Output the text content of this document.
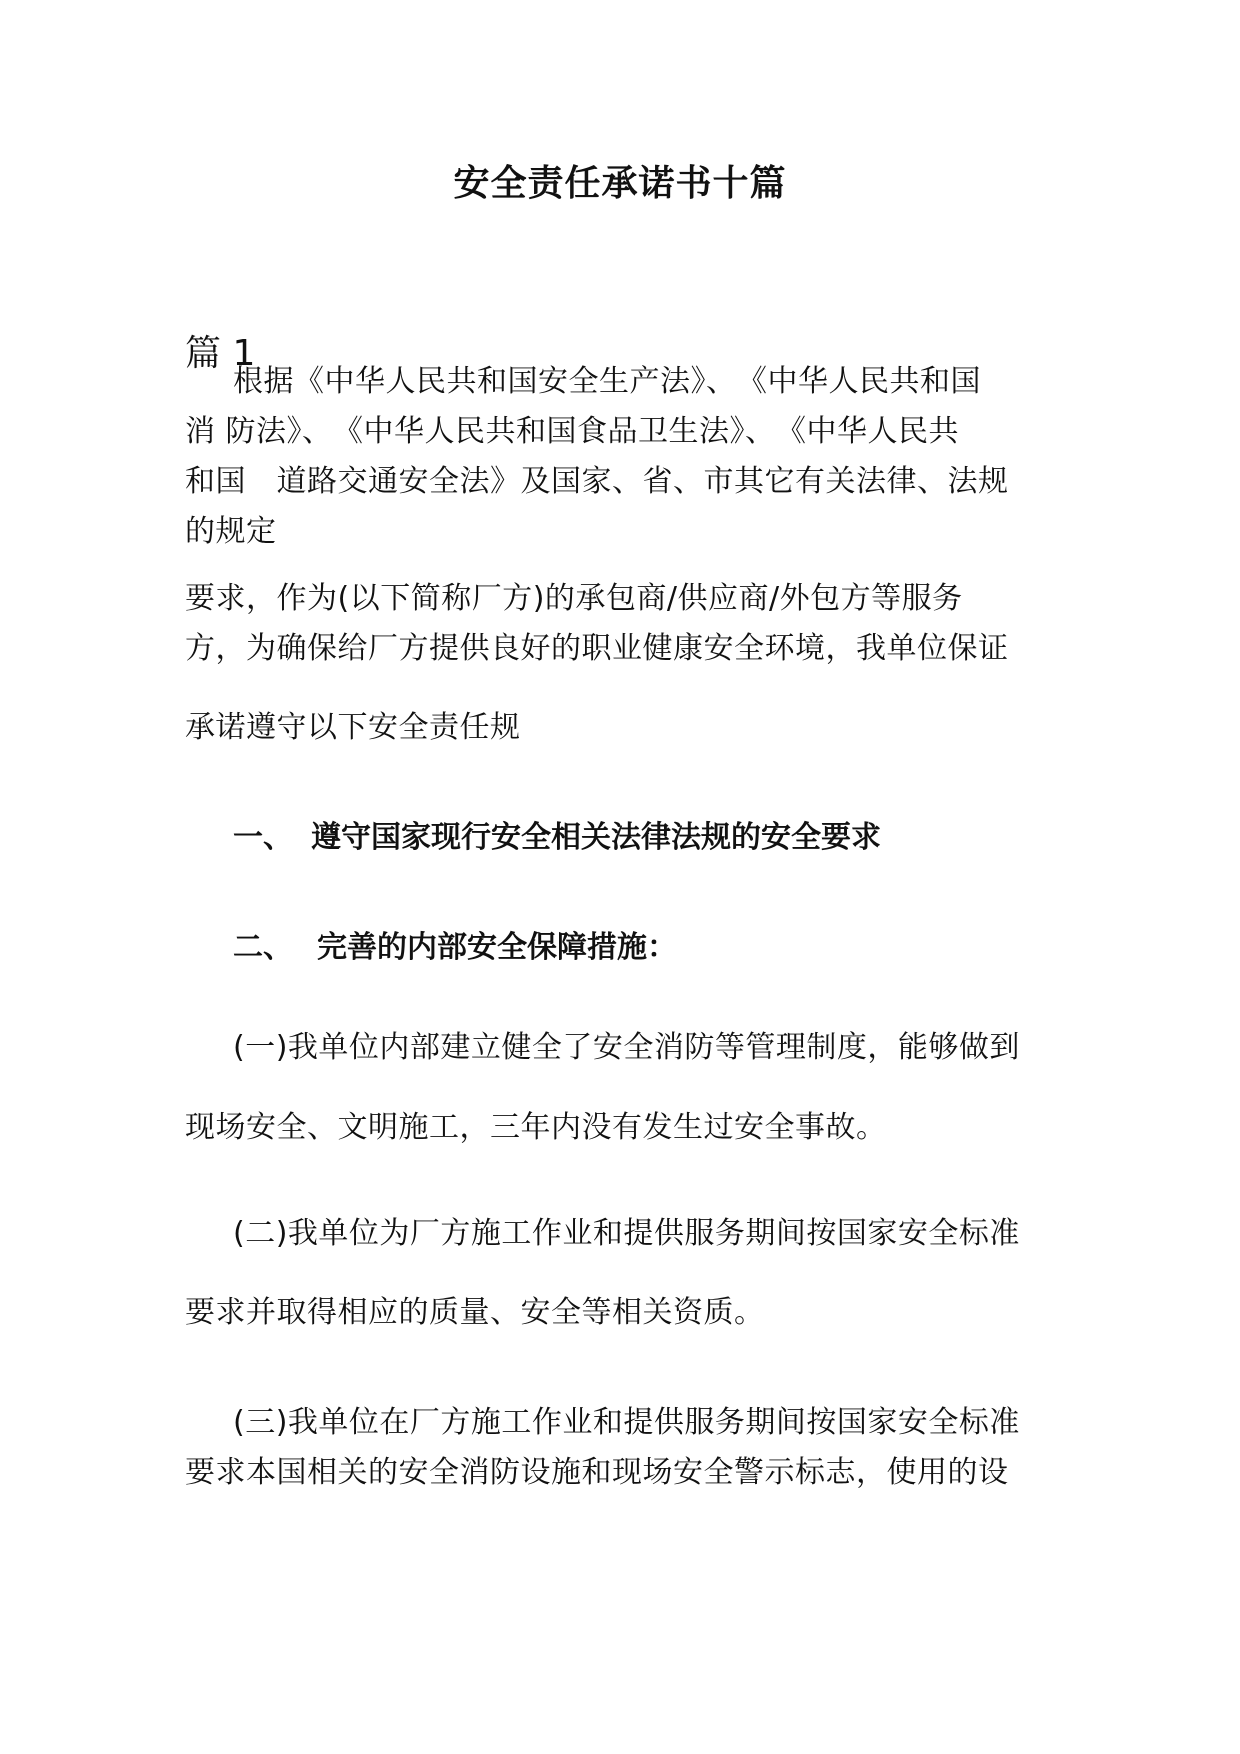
安全责任承诺书十篇
篇 1
根据《中华人民共和国安全生产法》、　《中华人民共和国
消 防法》、　《中华人民共和国食品卫生法》、　《中华人民共
和国　道路交通安全法》及国家、省、市其它有关法律、法规
的规定
要求，作为(以下简称厂方)的承包商/供应商/外包方等服务
方，为确保给厂方提供良好的职业健康安全环境，我单位保证
承诺遵守以下安全责任规
一、 遵守国家现行安全相关法律法规的安全要求
二、 完善的内部安全保障措施：
(一)我单位内部建立健全了安全消防等管理制度，能够做到
现场安全、文明施工，三年内没有发生过安全事故。
(二)我单位为厂方施工作业和提供服务期间按国家安全标准
要求并取得相应的质量、安全等相关资质。
(三)我单位在厂方施工作业和提供服务期间按国家安全标准
要求本国相关的安全消防设施和现场安全警示标志，使用的设
